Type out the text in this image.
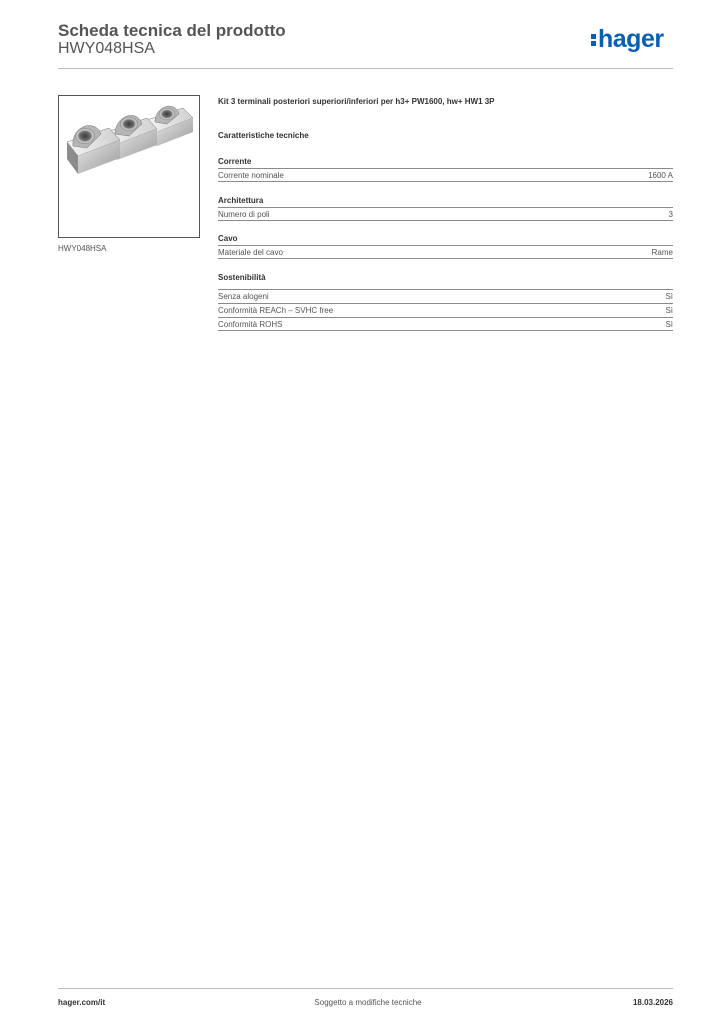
Scheda tecnica del prodotto
HWY048HSA	hager
HWY048HSA
Kit 3 terminali posteriori superiori/inferiori per h3+ PW1600, hw+ HW1 3P
Caratteristiche tecniche
Corrente
Corrente nominale	1600 A
Architettura
Numero di poli	3
Cavo
Materiale del cavo	Rame
Sostenibilità
Senza alogeni	Sì
Conformità REACh – SVHC free	Sì
Conformità ROHS	Sì
hager.com/it	Soggetto a modifiche tecniche	18.03.2026
